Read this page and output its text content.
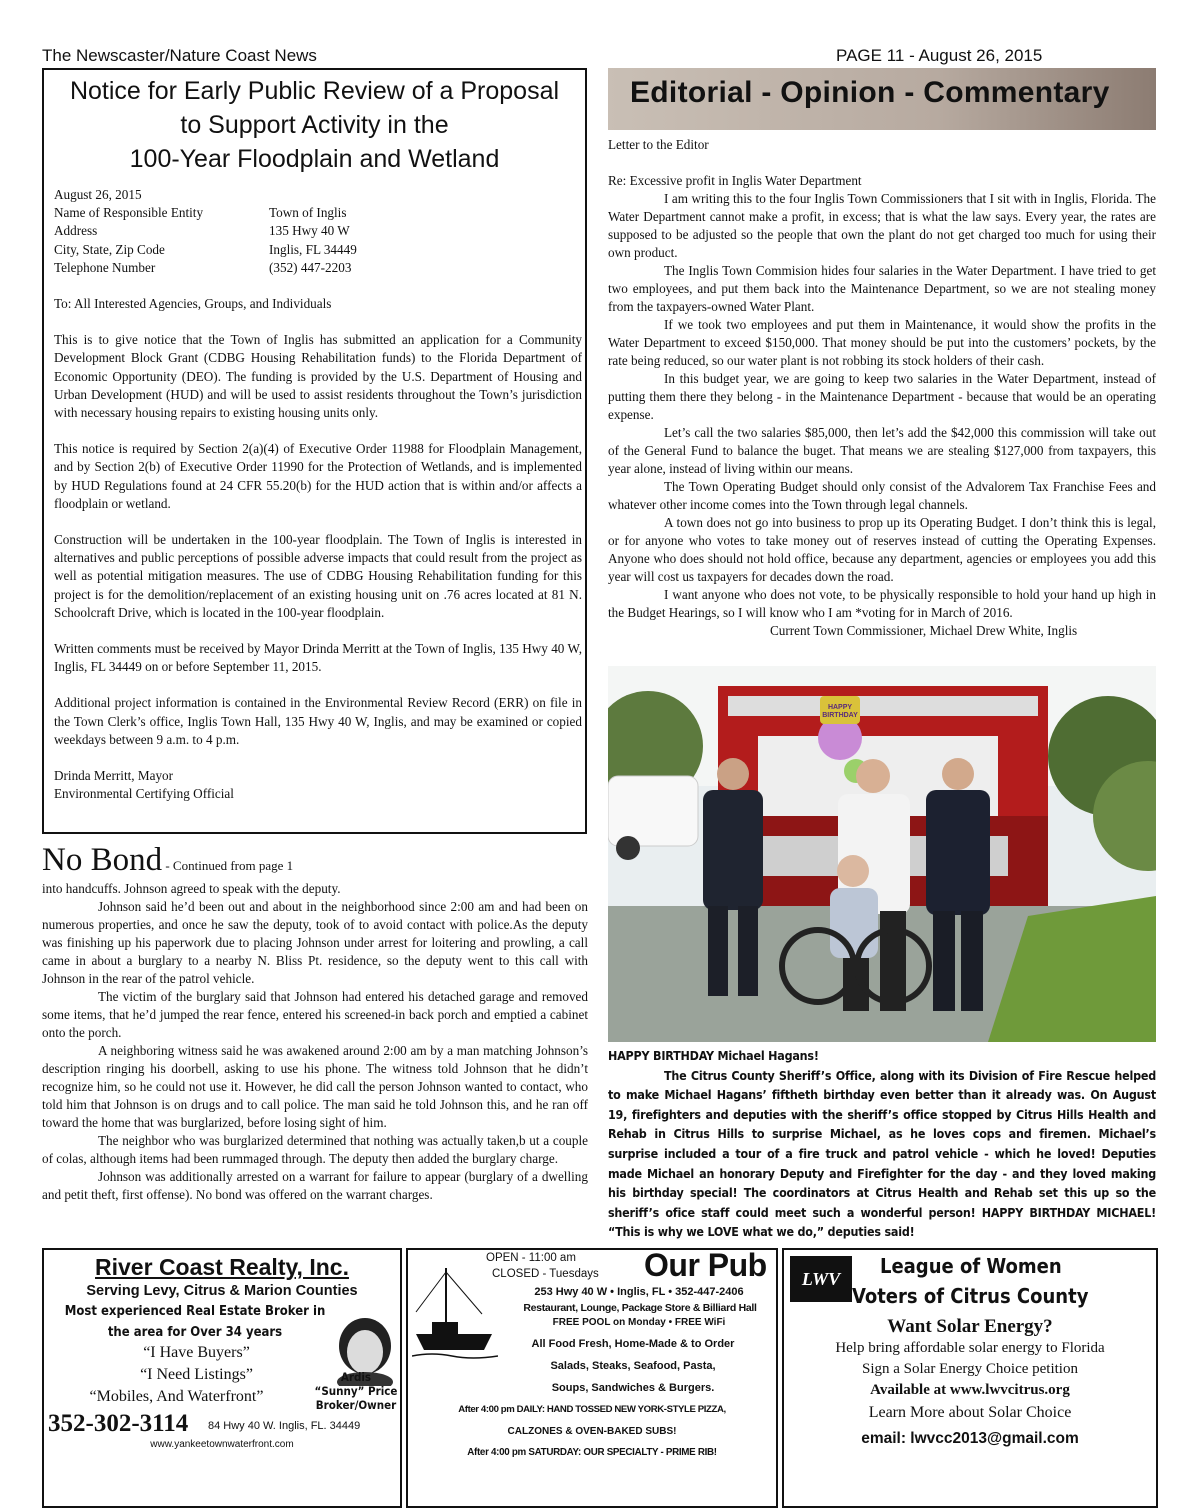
The Newscaster/Nature Coast News	PAGE 11 - August 26, 2015
Notice for Early Public Review of a Proposal
to Support Activity in the
100-Year Floodplain and Wetland
August 26, 2015
Name of Responsible Entity	Town of Inglis
Address	135 Hwy 40 W
City, State, Zip Code	Inglis, FL 34449
Telephone Number	(352) 447-2203

To: All Interested Agencies, Groups, and Individuals

This is to give notice that the Town of Inglis has submitted an application for a Community Development Block Grant (CDBG Housing Rehabilitation funds) to the Florida Department of Economic Opportunity (DEO). The funding is provided by the U.S. Department of Housing and Urban Development (HUD) and will be used to assist residents throughout the Town’s jurisdiction with necessary housing repairs to existing housing units only.

This notice is required by Section 2(a)(4) of Executive Order 11988 for Floodplain Management, and by Section 2(b) of Executive Order 11990 for the Protection of Wetlands, and is implemented by HUD Regulations found at 24 CFR 55.20(b) for the HUD action that is within and/or affects a floodplain or wetland.

Construction will be undertaken in the 100-year floodplain. The Town of Inglis is interested in alternatives and public perceptions of possible adverse impacts that could result from the project as well as potential mitigation measures. The use of CDBG Housing Rehabilitation funding for this project is for the demolition/replacement of an existing housing unit on .76 acres located at 81 N. Schoolcraft Drive, which is located in the 100-year floodplain.

Written comments must be received by Mayor Drinda Merritt at the Town of Inglis, 135 Hwy 40 W, Inglis, FL 34449 on or before September 11, 2015.

Additional project information is contained in the Environmental Review Record (ERR) on file in the Town Clerk’s office, Inglis Town Hall, 135 Hwy 40 W, Inglis, and may be examined or copied weekdays between 9 a.m. to 4 p.m.

Drinda Merritt, Mayor
Environmental Certifying Official
No Bond - Continued from page 1

into handcuffs. Johnson agreed to speak with the deputy.

Johnson said he’d been out and about in the neighborhood since 2:00 am and had been on numerous properties, and once he saw the deputy, took of to avoid contact with police.As the deputy was finishing up his paperwork due to placing Johnson under arrest for loitering and prowling, a call came in about a burglary to a nearby N. Bliss Pt. residence, so the deputy went to this call with Johnson in the rear of the patrol vehicle.

The victim of the burglary said that Johnson had entered his detached garage and removed some items, that he’d jumped the rear fence, entered his screened-in back porch and emptied a cabinet onto the porch.

A neighboring witness said he was awakened around 2:00 am by a man matching Johnson’s description ringing his doorbell, asking to use his phone. The witness told Johnson that he didn’t recognize him, so he could not use it. However, he did call the person Johnson wanted to contact, who told him that Johnson is on drugs and to call police. The man said he told Johnson this, and he ran off toward the home that was burglarized, before losing sight of him.

The neighbor who was burglarized determined that nothing was actually taken,b ut a couple of colas, although items had been rummaged through. The deputy then added the burglary charge.

Johnson was additionally arrested on a warrant for failure to appear (burglary of a dwelling and petit theft, first offense). No bond was offered on the warrant charges.

Editorial - Opinion - Commentary

Letter to the Editor

Re: Excessive profit in Inglis Water Department

I am writing this to the four Inglis Town Commissioners that I sit with in Inglis, Florida. The Water Department cannot make a profit, in excess; that is what the law says. Every year, the rates are supposed to be adjusted so the people that own the plant do not get charged too much for using their own product.

The Inglis Town Commision hides four salaries in the Water Department. I have tried to get two employees, and put them back into the Maintenance Department, so we are not stealing money from the taxpayers-owned Water Plant.

If we took two employees and put them in Maintenance, it would show the profits in the Water Department to exceed $150,000. That money should be put into the customers’ pockets, by the rate being reduced, so our water plant is not robbing its stock holders of their cash.

In this budget year, we are going to keep two salaries in the Water Department, instead of putting them there they belong - in the Maintenance Department - because that would be an operating expense.

Let’s call the two salaries $85,000, then let’s add the $42,000 this commission will take out of the General Fund to balance the buget. That means we are stealing $127,000 from taxpayers, this year alone, instead of living within our means.

The Town Operating Budget should only consist of the Advalorem Tax Franchise Fees and whatever other income comes into the Town through legal channels.

A town does not go into business to prop up its Operating Budget. I don’t think this is legal, or for anyone who votes to take money out of reserves instead of cutting the Operating Expenses. Anyone who does should not hold office, because any department, agencies or employees you add this year will cost us taxpayers for decades down the road.

I want anyone who does not vote, to be physically responsible to hold your hand up high in the Budget Hearings, so I will know who I am *voting for in March of 2016.

Current Town Commissioner, Michael Drew White, Inglis

HAPPY BIRTHDAY
HAPPY BIRTHDAY Michael Hagans!
The Citrus County Sheriff’s Office, along with its Division of Fire Rescue helped to make Michael Hagans’ fiftheth birthday even better than it already was. On August 19, firefighters and deputies with the sheriff’s office stopped by Citrus Hills Health and Rehab in Citrus Hills to surprise Michael, as he loves cops and firemen. Michael’s surprise included a tour of a fire truck and patrol vehicle - which he loved! Deputies made Michael an honorary Deputy and Firefighter for the day - and they loved making his birthday special! The coordinators at Citrus Health and Rehab set this up so the sheriff’s ofice staff could meet such a wonderful person! HAPPY BIRTHDAY MICHAEL! “This is why we LOVE what we do,” deputies said!
River Coast Realty, Inc.
Serving Levy, Citrus & Marion Counties
Most experienced Real Estate Broker in
the area for Over 34 years
“I Have Buyers”
“I Need Listings”
“Mobiles, And Waterfront”
Ardis
“Sunny” Price
Broker/Owner
352-302-3114 84 Hwy 40 W. Inglis, FL. 34449
www.yankeetownwaterfront.com
OPEN - 11:00 am
CLOSED - Tuesdays Our Pub
253 Hwy 40 W • Inglis, FL • 352-447-2406
Restaurant, Lounge, Package Store & Billiard Hall
FREE POOL on Monday • FREE WiFi
All Food Fresh, Home-Made & to Order
Salads, Steaks, Seafood, Pasta,
Soups, Sandwiches & Burgers.
After 4:00 pm DAILY: HAND TOSSED NEW YORK-STYLE PIZZA,
CALZONES & OVEN-BAKED SUBS!
After 4:00 pm SATURDAY: OUR SPECIALTY - PRIME RIB!
LWV
League of Women
Voters of Citrus County
Want Solar Energy?
Help bring affordable solar energy to Florida
Sign a Solar Energy Choice petition
Available at www.lwvcitrus.org
Learn More about Solar Choice
email: lwvcc2013@gmail.com
